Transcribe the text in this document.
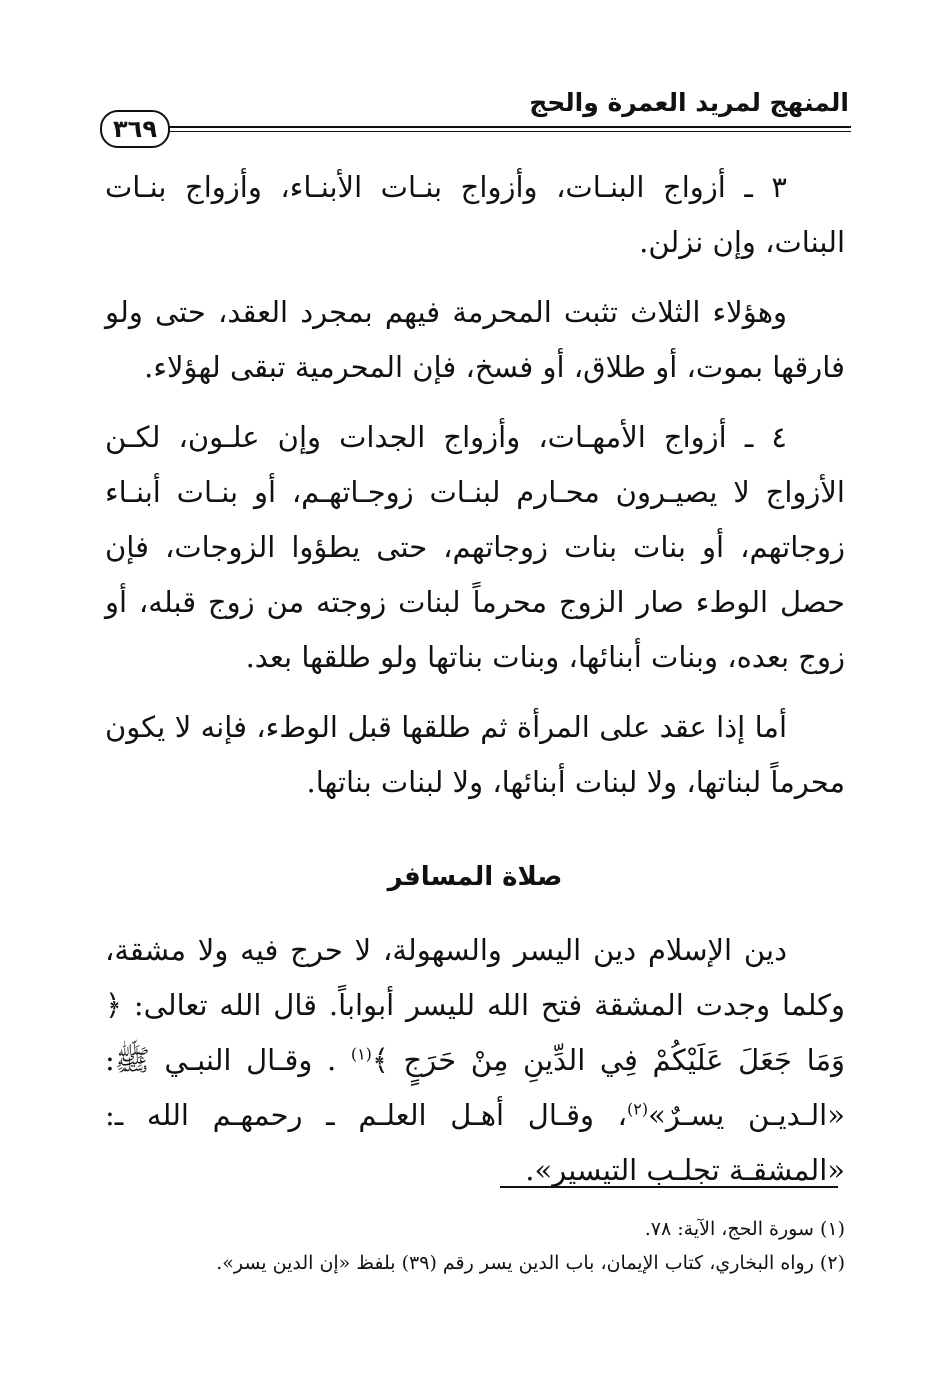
المنهج لمريد العمرة والحج
٣٦٩

٣ ـ أزواج البنـات، وأزواج بنـات الأبنـاء، وأزواج بنـات البنات، وإن نزلن.

وهؤلاء الثلاث تثبت المحرمة فيهم بمجرد العقد، حتى ولو فارقها بموت، أو طلاق، أو فسخ، فإن المحرمية تبقى لهؤلاء.

٤ ـ أزواج الأمهـات، وأزواج الجدات وإن علـون، لكـن الأزواج لا يصيـرون محـارم لبنـات زوجـاتهـم، أو بنـات أبنـاء زوجاتهم، أو بنات بنات زوجاتهم، حتى يطؤوا الزوجات، فإن حصل الوطء صار الزوج محرماً لبنات زوجته من زوج قبله، أو زوج بعده، وبنات أبنائها، وبنات بناتها ولو طلقها بعد.

أما إذا عقد على المرأة ثم طلقها قبل الوطء، فإنه لا يكون محرماً لبناتها، ولا لبنات أبنائها، ولا لبنات بناتها.

صلاة المسافر

دين الإسلام دين اليسر والسهولة، لا حرج فيه ولا مشقة، وكلما وجدت المشقة فتح الله لليسر أبواباً. قال الله تعالى: ﴿ وَمَا جَعَلَ عَلَيْكُمْ فِي الدِّينِ مِنْ حَرَجٍ ﴾$^{(١)}$ . وقـال النبـي ﷺ: «الـديـن يسـرٌ»$^{(٢)}$، وقـال أهـل العلـم ـ رحمهـم الله ـ: «المشقـة تجلـب التيسير».

(١) سورة الحج، الآية: ٧٨.
(٢) رواه البخاري، كتاب الإيمان، باب الدين يسر رقم (٣٩) بلفظ «إن الدين يسر».
